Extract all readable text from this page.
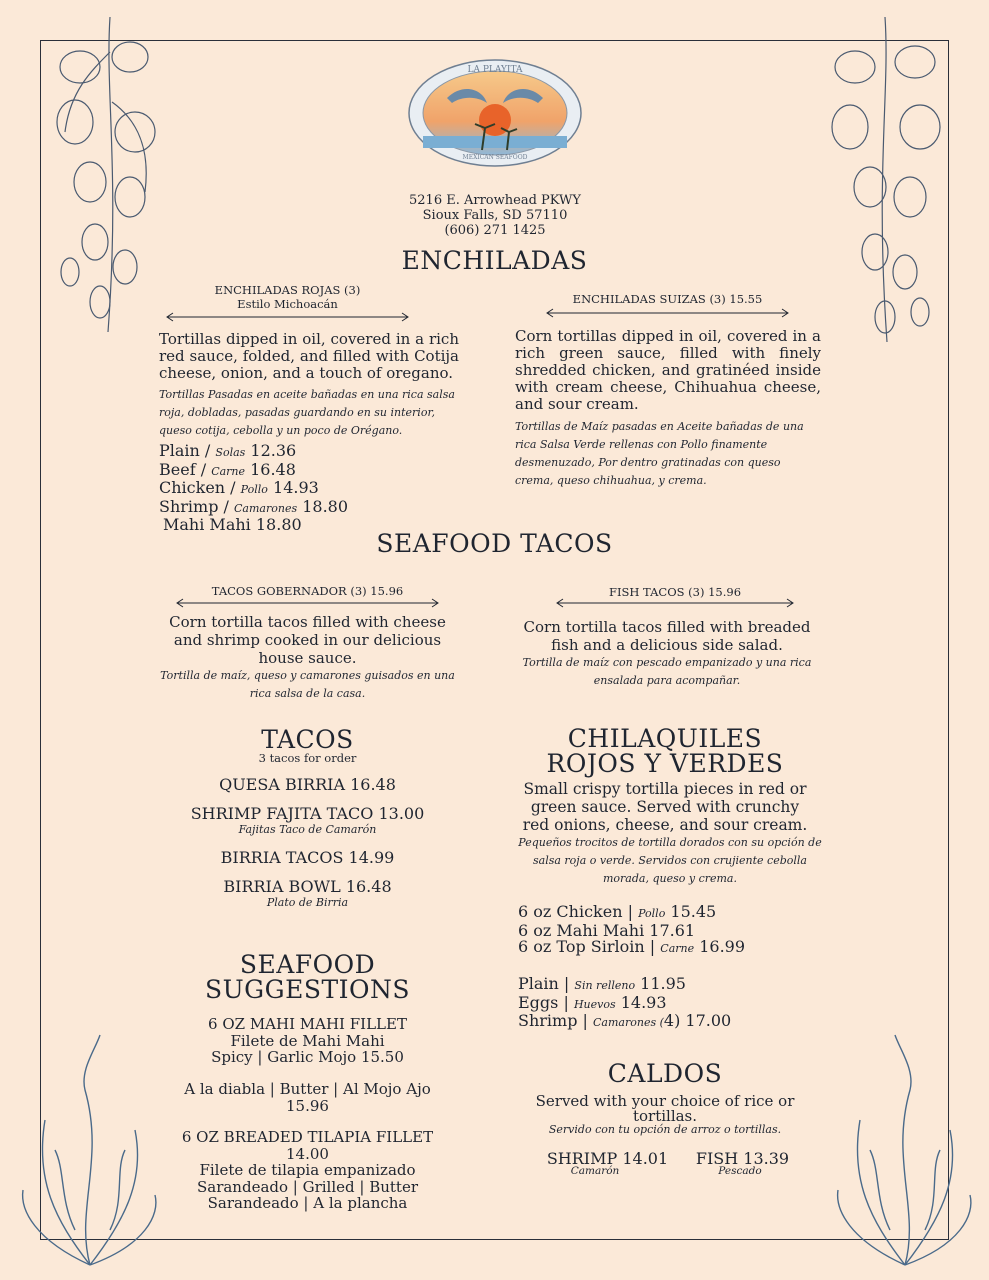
LA PLAYITA
MEXICAN SEAFOOD
5216 E. Arrowhead PKWY
Sioux Falls, SD 57110
(606) 271 1425
ENCHILADAS
ENCHILADAS ROJAS (3)
Estilo Michoacán
Tortillas dipped in oil, covered in a rich red sauce, folded, and filled with Cotija cheese, onion, and a touch of oregano.
Tortillas Pasadas en aceite bañadas en una rica salsa roja, dobladas, pasadas guardando en su interior, queso cotija, cebolla y un poco de Orégano.
Plain / Solas 12.36
Beef / Carne 16.48
Chicken / Pollo 14.93
Shrimp / Camarones 18.80
Mahi Mahi 18.80
ENCHILADAS SUIZAS (3) 15.55
Corn tortillas dipped in oil, covered in a rich green sauce, filled with finely shredded chicken, and gratinéed inside with cream cheese, Chihuahua cheese, and sour cream.
Tortillas de Maíz pasadas en Aceite bañadas de una rica Salsa Verde rellenas con Pollo finamente desmenuzado, Por dentro gratinadas con queso crema, queso chihuahua, y crema.
SEAFOOD TACOS
TACOS GOBERNADOR (3) 15.96
Corn tortilla tacos filled with cheese and shrimp cooked in our delicious house sauce.
Tortilla de maíz, queso y camarones guisados en una rica salsa de la casa.
FISH TACOS (3) 15.96
Corn tortilla tacos filled with breaded fish and a delicious side salad.
Tortilla de maíz con pescado empanizado y una rica ensalada para acompañar.
TACOS
3 tacos for order
QUESA BIRRIA 16.48
SHRIMP FAJITA TACO 13.00
Fajitas Taco de Camarón
BIRRIA TACOS 14.99
BIRRIA BOWL 16.48
Plato de Birria
SEAFOOD
SUGGESTIONS
6 OZ MAHI MAHI FILLET
Filete de Mahi Mahi
Spicy | Garlic Mojo 15.50
A la diabla | Butter | Al Mojo Ajo
15.96
6 OZ BREADED TILAPIA FILLET
14.00
Filete de tilapia empanizado
Sarandeado | Grilled | Butter
Sarandeado | A la plancha
CHILAQUILES
ROJOS Y VERDES
Small crispy tortilla pieces in red or green sauce. Served with crunchy red onions, cheese, and sour cream.
Pequeños trocitos de tortilla dorados con su opción de salsa roja o verde. Servidos con crujiente cebolla morada, queso y crema.
6 oz Chicken | Pollo 15.45
6 oz Mahi Mahi 17.61
6 oz Top Sirloin | Carne 16.99
Plain | Sin relleno 11.95
Eggs | Huevos 14.93
Shrimp | Camarones (4) 17.00
CALDOS
Served with your choice of rice or tortillas.
Servido con tu opción de arroz o tortillas.
SHRIMP 14.01
Camarón
FISH 13.39
Pescado
